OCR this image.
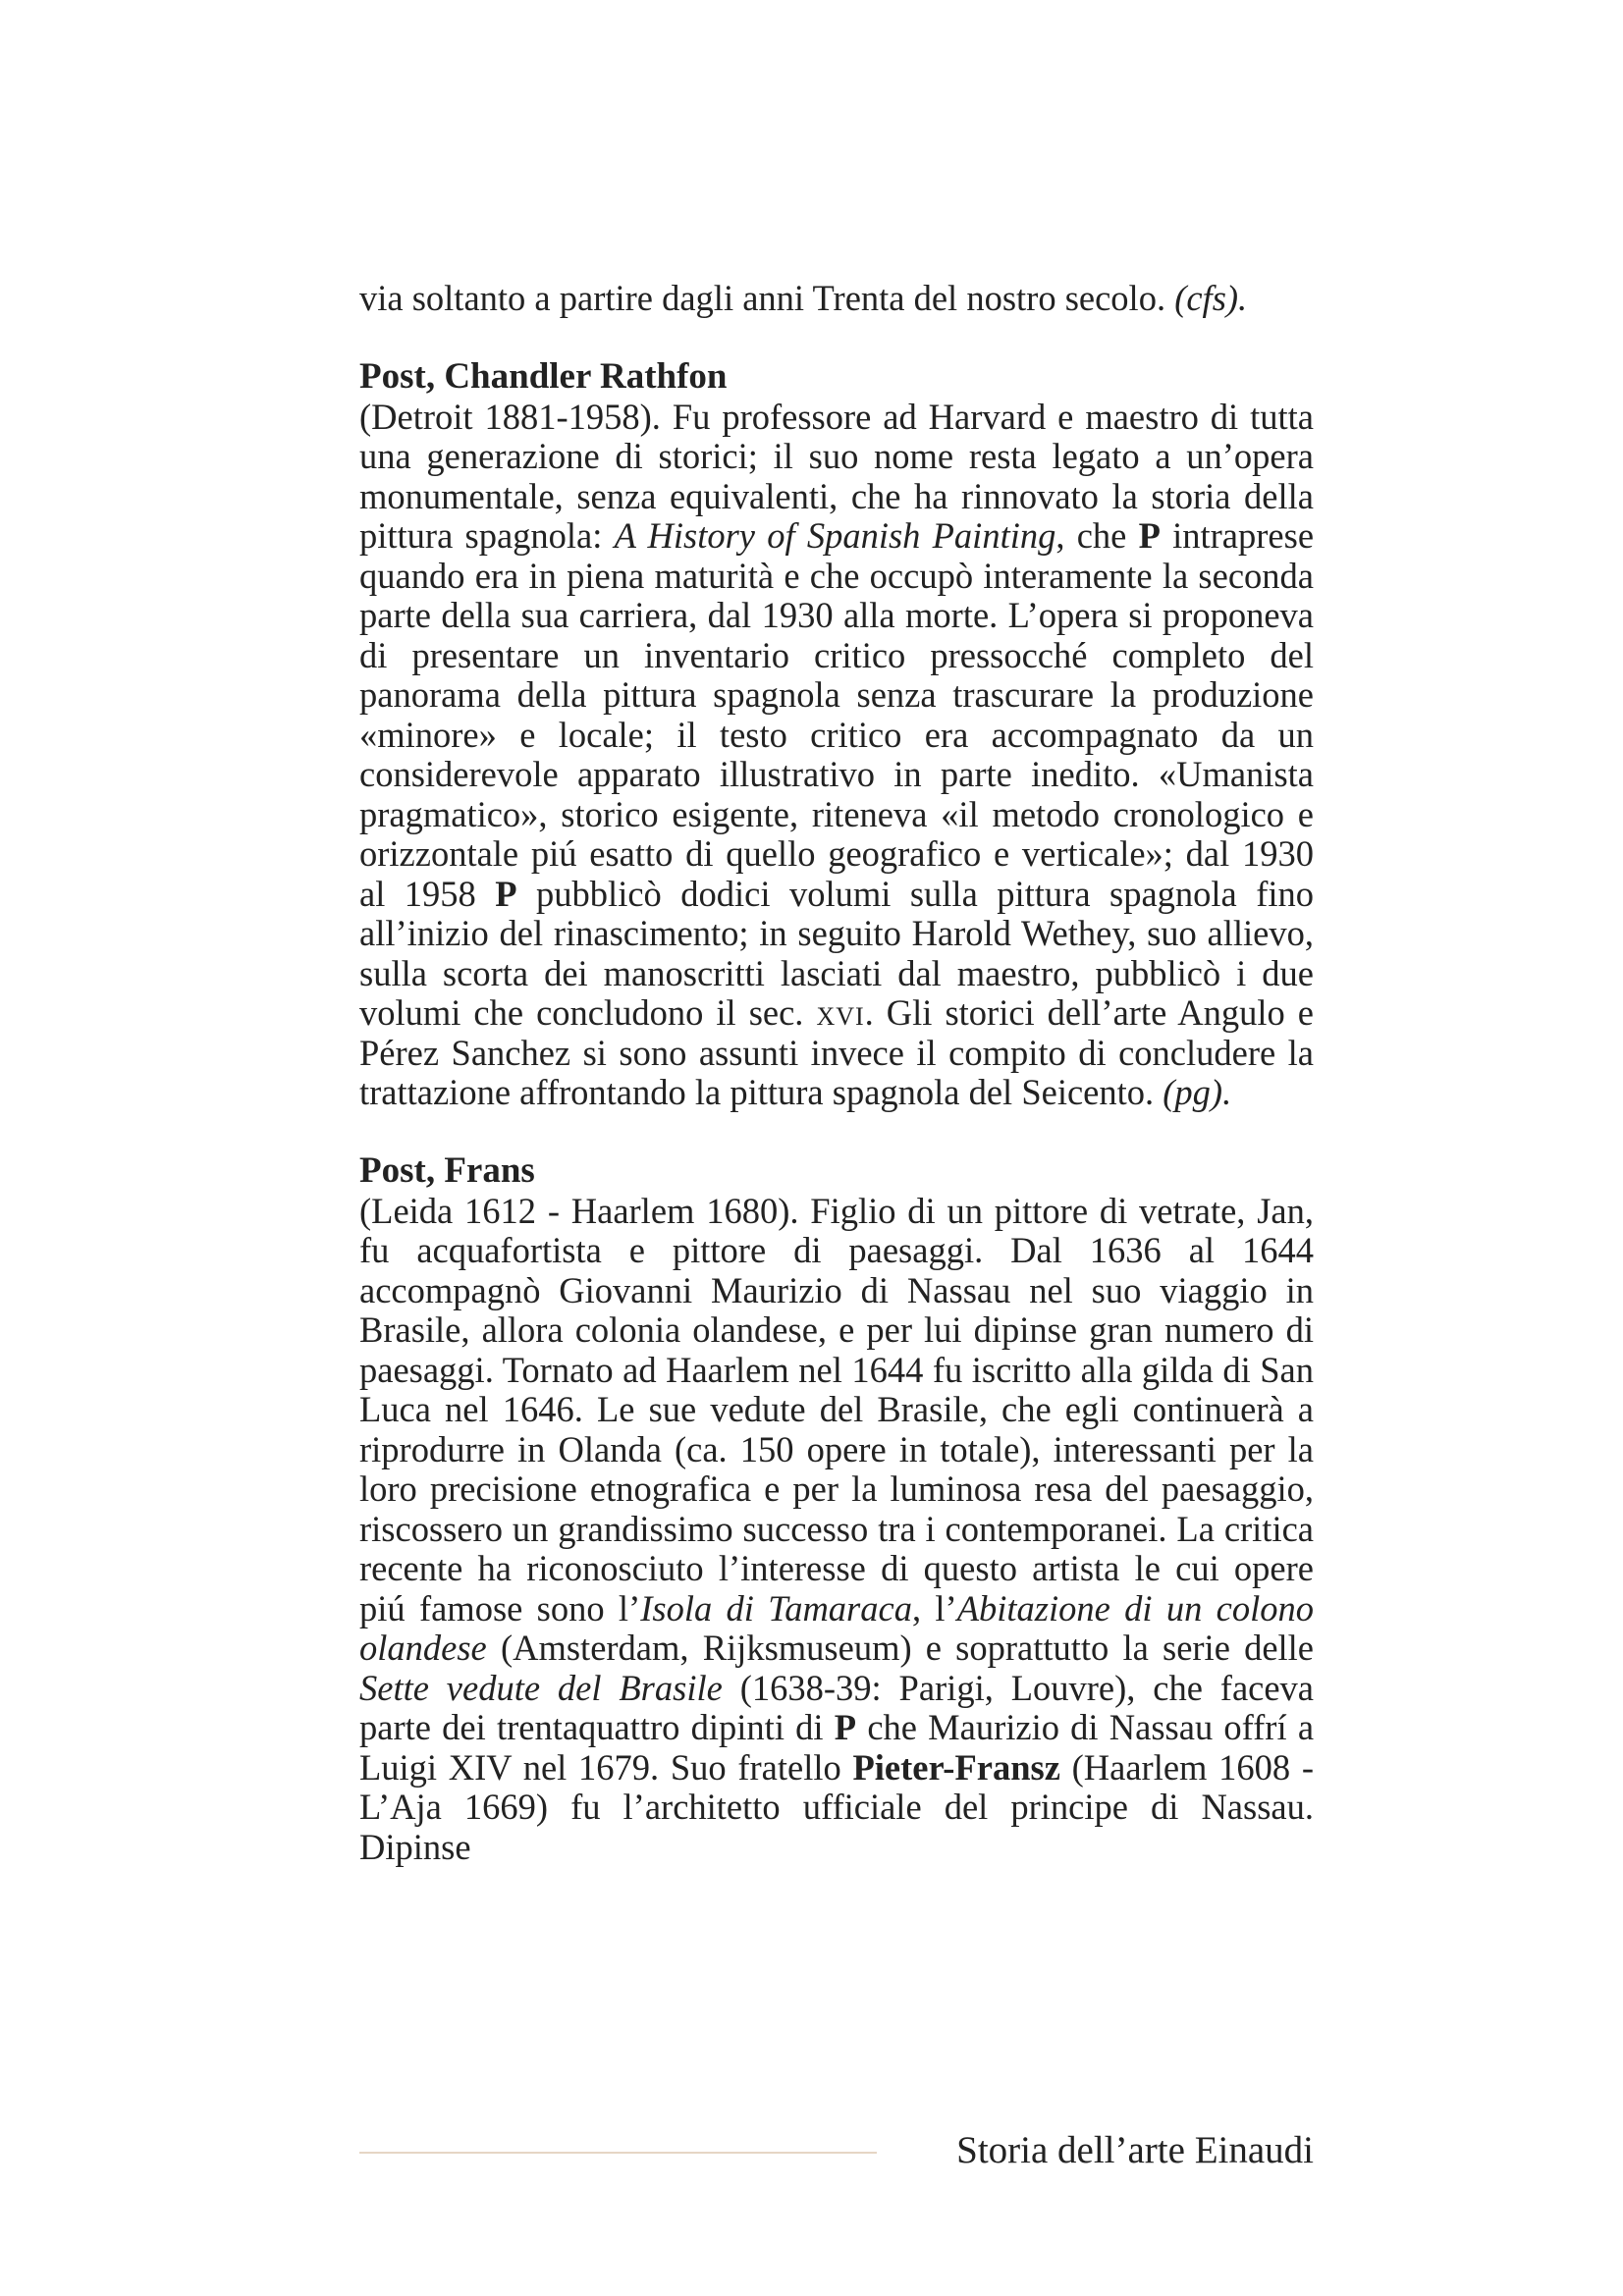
via soltanto a partire dagli anni Trenta del nostro secolo. (cfs).

Post, Chandler Rathfon

(Detroit 1881-1958). Fu professore ad Harvard e maestro di tutta una generazione di storici; il suo nome resta legato a un’opera monumentale, senza equivalenti, che ha rinnovato la storia della pittura spagnola: A History of Spanish Painting, che P intraprese quando era in piena maturità e che occupò interamente la seconda parte della sua carriera, dal 1930 alla morte. L’opera si proponeva di presentare un inventario critico pressocché completo del panorama della pittura spagnola senza trascurare la produzione «minore» e locale; il testo critico era accompagnato da un considerevole apparato illustrativo in parte inedito. «Umanista pragmatico», storico esigente, riteneva «il metodo cronologico e orizzontale piú esatto di quello geografico e verticale»; dal 1930 al 1958 P pubblicò dodici volumi sulla pittura spagnola fino all’inizio del rinascimento; in seguito Harold Wethey, suo allievo, sulla scorta dei manoscritti lasciati dal maestro, pubblicò i due volumi che concludono il sec. xvi. Gli storici dell’arte Angulo e Pérez Sanchez si sono assunti invece il compito di concludere la trattazione affrontando la pittura spagnola del Seicento. (pg).

Post, Frans

(Leida 1612 - Haarlem 1680). Figlio di un pittore di vetrate, Jan, fu acquafortista e pittore di paesaggi. Dal 1636 al 1644 accompagnò Giovanni Maurizio di Nassau nel suo viaggio in Brasile, allora colonia olandese, e per lui dipinse gran numero di paesaggi. Tornato ad Haarlem nel 1644 fu iscritto alla gilda di San Luca nel 1646. Le sue vedute del Brasile, che egli continuerà a riprodurre in Olanda (ca. 150 opere in totale), interessanti per la loro precisione etnografica e per la luminosa resa del paesaggio, riscossero un grandissimo successo tra i contemporanei. La critica recente ha riconosciuto l’interesse di questo artista le cui opere piú famose sono l’Isola di Tamaraca, l’Abitazione di un colono olandese (Amsterdam, Rijksmuseum) e soprattutto la serie delle Sette vedute del Brasile (1638-39: Parigi, Louvre), che faceva parte dei trentaquattro dipinti di P che Maurizio di Nassau offrí a Luigi XIV nel 1679. Suo fratello Pieter-Fransz (Haarlem 1608 - L’Aja 1669) fu l’architetto ufficiale del principe di Nassau. Dipinse

Storia dell’arte Einaudi
